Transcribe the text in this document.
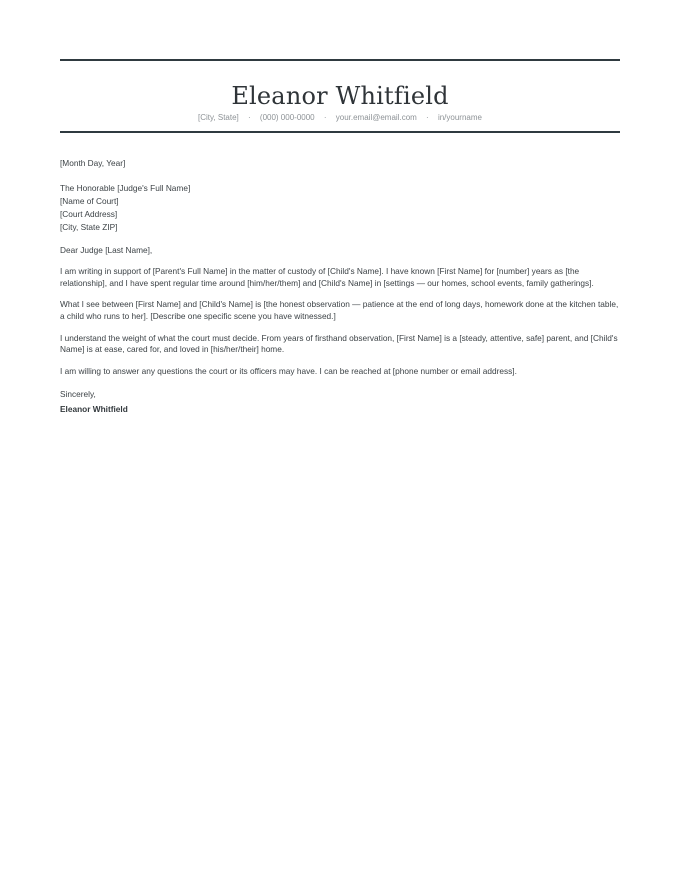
Eleanor Whitfield
[City, State] · (000) 000-0000 · your.email@email.com · in/yourname

[Month Day, Year]

The Honorable [Judge's Full Name]

[Name of Court]

[Court Address]

[City, State ZIP]

Dear Judge [Last Name],

I am writing in support of [Parent's Full Name] in the matter of custody of [Child's Name]. I have known [First Name] for [number] years as [the relationship], and I have spent regular time around [him/her/them] and [Child's Name] in [settings — our homes, school events, family gatherings].

What I see between [First Name] and [Child's Name] is [the honest observation — patience at the end of long days, homework done at the kitchen table, a child who runs to her]. [Describe one specific scene you have witnessed.]

I understand the weight of what the court must decide. From years of firsthand observation, [First Name] is a [steady, attentive, safe] parent, and [Child's Name] is at ease, cared for, and loved in [his/her/their] home.

I am willing to answer any questions the court or its officers may have. I can be reached at [phone number or email address].

Sincerely,

Eleanor Whitfield
